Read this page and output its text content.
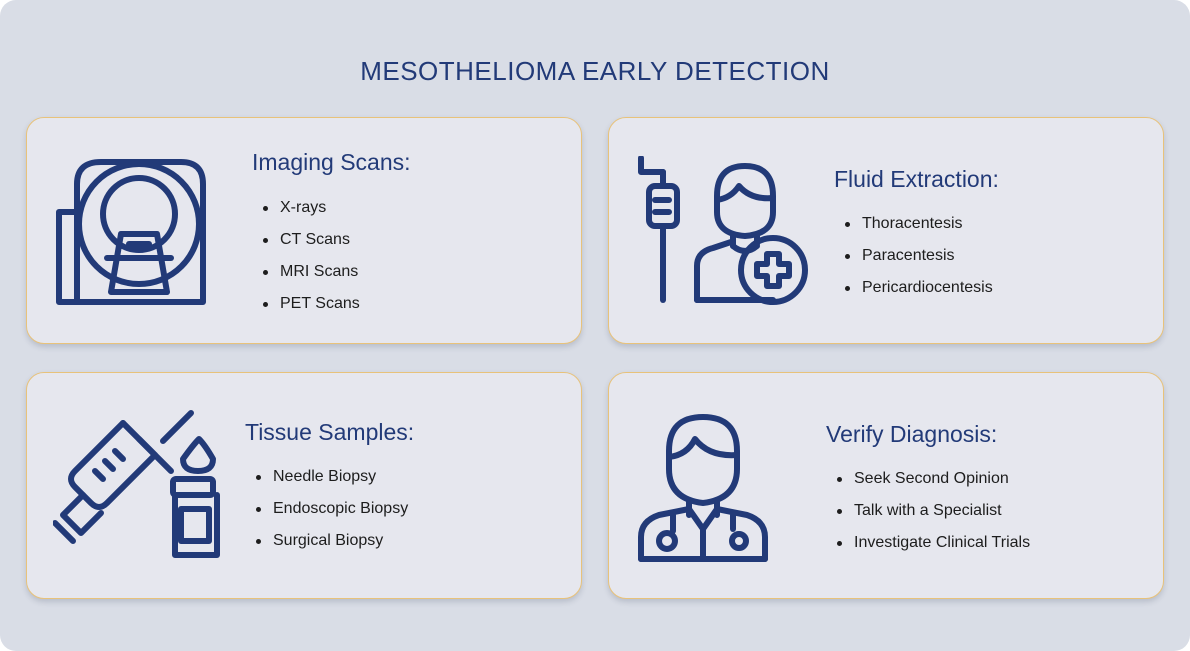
MESOTHELIOMA EARLY DETECTION
Imaging Scans:
X-rays
CT Scans
MRI Scans
PET Scans
Fluid Extraction:
Thoracentesis
Paracentesis
Pericardiocentesis
Tissue Samples:
Needle Biopsy
Endoscopic Biopsy
Surgical Biopsy
Verify Diagnosis:
Seek Second Opinion
Talk with a Specialist
Investigate Clinical Trials
